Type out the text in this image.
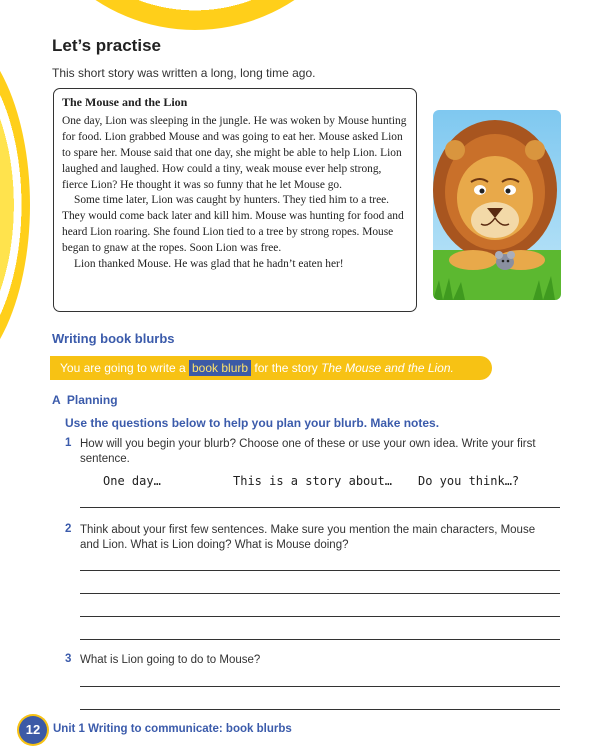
Let’s practise
This short story was written a long, long time ago.
The Mouse and the Lion

One day, Lion was sleeping in the jungle. He was woken by Mouse hunting for food. Lion grabbed Mouse and was going to eat her. Mouse asked Lion to spare her. Mouse said that one day, she might be able to help Lion. Lion laughed and laughed. How could a tiny, weak mouse ever help strong, fierce Lion? He thought it was so funny that he let Mouse go.

Some time later, Lion was caught by hunters. They tied him to a tree. They would come back later and kill him. Mouse was hunting for food and heard Lion roaring. She found Lion tied to a tree by strong ropes. Mouse began to gnaw at the ropes. Soon Lion was free.

Lion thanked Mouse. He was glad that he hadn’t eaten her!

Writing book blurbs
You are going to write a book blurb for the story The Mouse and the Lion.
A  Planning
Use the questions below to help you plan your blurb. Make notes.
1 How will you begin your blurb? Choose one of these or use your own idea. Write your first sentence.
One day…	This is a story about… Do you think…?
2 Think about your first few sentences. Make sure you mention the main characters, Mouse and Lion. What is Lion doing? What is Mouse doing?
3 What is Lion going to do to Mouse?
12	Unit 1 Writing to communicate: book blurbs
